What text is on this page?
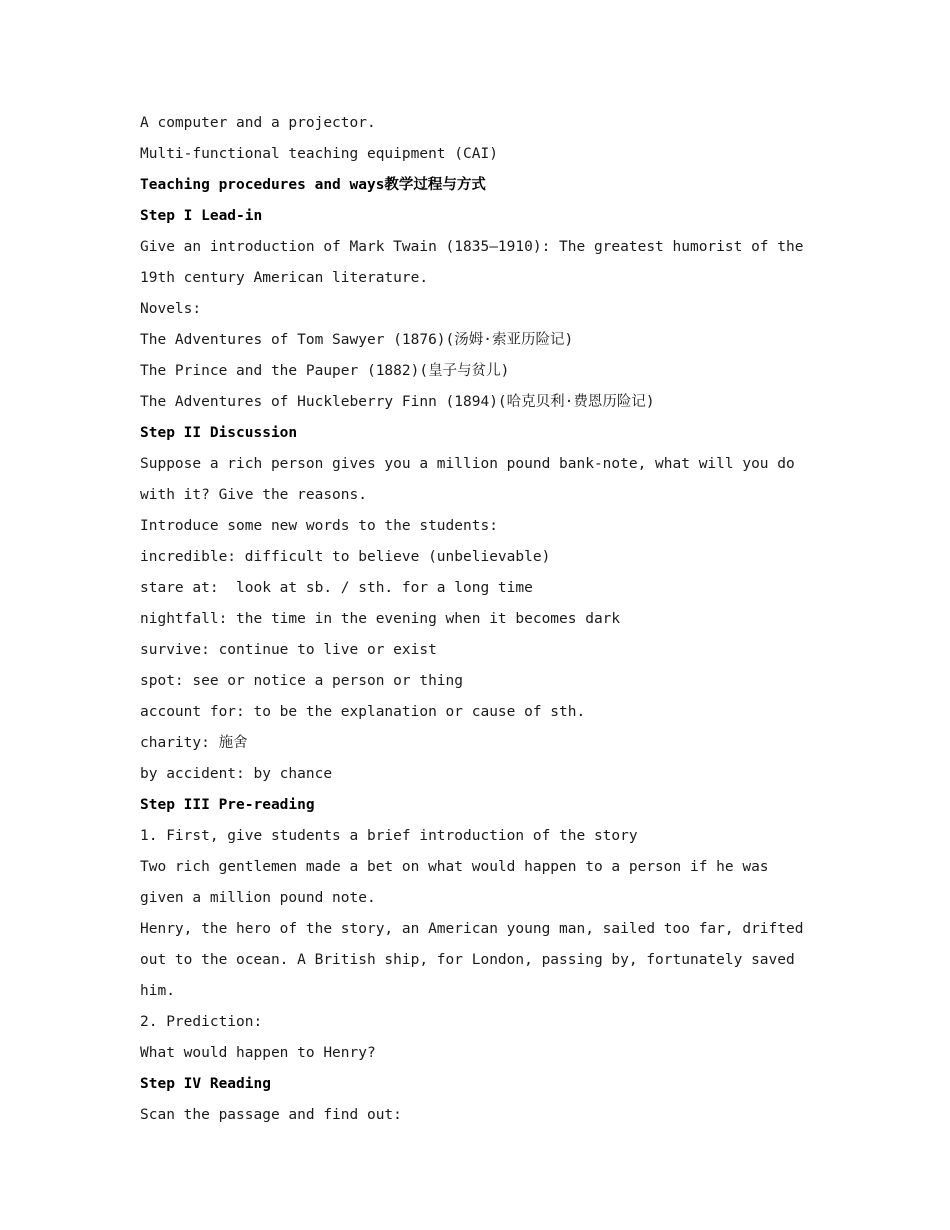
A computer and a projector.

Multi-functional teaching equipment (CAI)

Teaching procedures and ways教学过程与方式

Step I Lead-in

Give an introduction of Mark Twain (1835—1910): The greatest humorist of the 19th century American literature.

Novels:

The Adventures of Tom Sawyer (1876)(汤姆·索亚历险记)

The Prince and the Pauper (1882)(皇子与贫儿)

The Adventures of Huckleberry Finn (1894)(哈克贝利·费恩历险记)

Step II Discussion

Suppose a rich person gives you a million pound bank-note, what will you do with it? Give the reasons.

Introduce some new words to the students:

incredible: difficult to believe (unbelievable)

stare at:  look at sb. / sth. for a long time

nightfall: the time in the evening when it becomes dark

survive: continue to live or exist

spot: see or notice a person or thing

account for: to be the explanation or cause of sth.

charity: 施舍

by accident: by chance

Step III Pre-reading

1. First, give students a brief introduction of the story

Two rich gentlemen made a bet on what would happen to a person if he was given a million pound note.

Henry, the hero of the story, an American young man, sailed too far, drifted out to the ocean. A British ship, for London, passing by, fortunately saved him.

2. Prediction:

What would happen to Henry?

Step IV Reading

Scan the passage and find out:
